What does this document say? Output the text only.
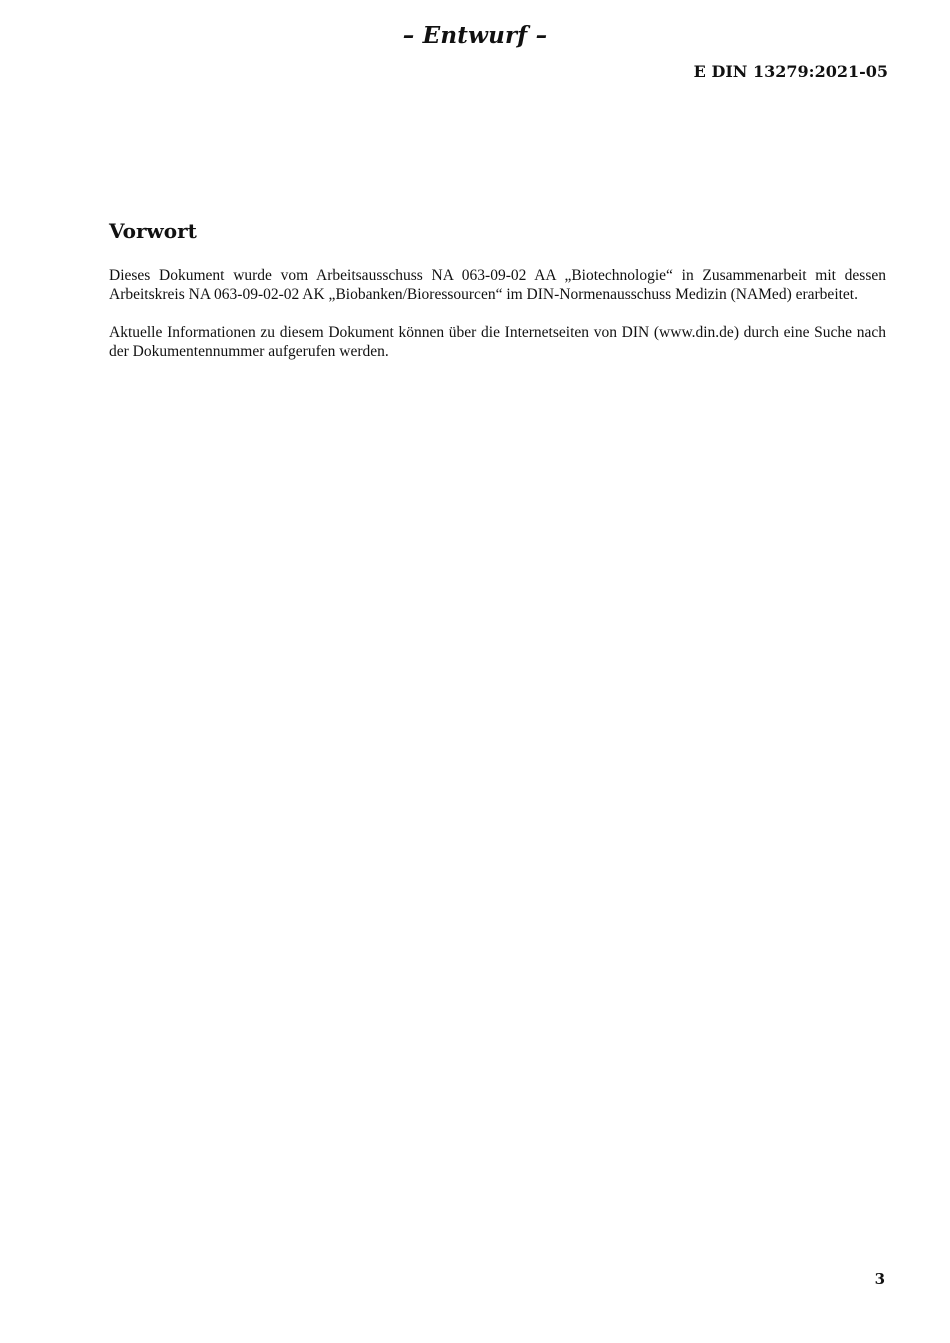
– Entwurf –
E DIN 13279:2021-05
Vorwort

Dieses Dokument wurde vom Arbeitsausschuss NA 063-09-02 AA „Biotechnologie“ in Zusammenarbeit mit dessen Arbeitskreis NA 063-09-02-02 AK „Biobanken/Bioressourcen“ im DIN-Normenausschuss Medizin (NAMed) erarbeitet.

Aktuelle Informationen zu diesem Dokument können über die Internetseiten von DIN (www.din.de) durch eine Suche nach der Dokumentennummer aufgerufen werden.

3
